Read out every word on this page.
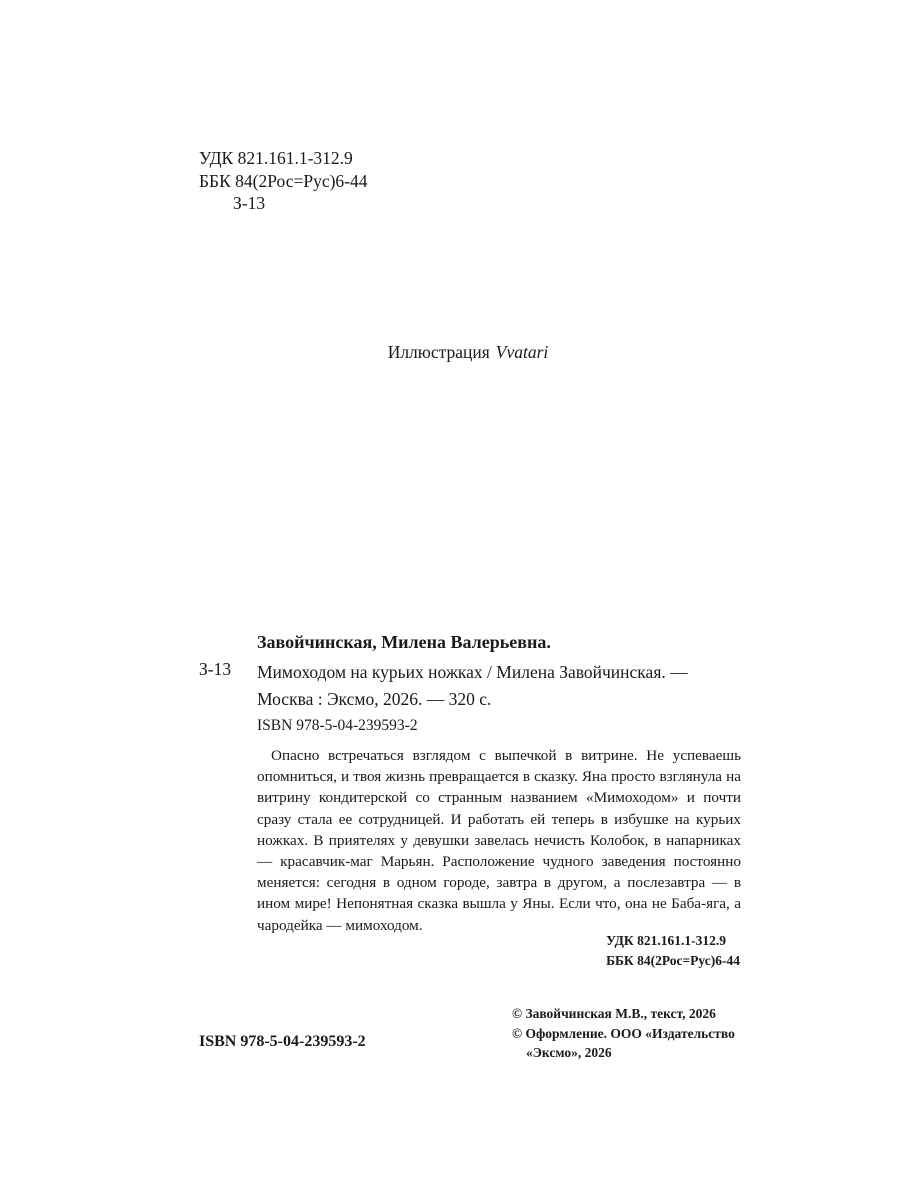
УДК 821.161.1-312.9
ББК 84(2Рос=Рус)6-44
З-13
Иллюстрация Vvatari
Завойчинская, Милена Валерьевна.
З-13 Мимоходом на курьих ножках / Милена Завойчинская. —
Москва : Эксмо, 2026. — 320 с.
ISBN 978-5-04-239593-2
Опасно встречаться взглядом с выпечкой в витрине. Не успеваешь опомниться, и твоя жизнь превращается в сказку. Яна просто взглянула на витрину кондитерской со странным названием «Мимоходом» и почти сразу стала ее сотрудницей. И работать ей теперь в избушке на курьих ножках. В приятелях у девушки завелась нечисть Колобок, в напарниках — красавчик-маг Марьян. Расположение чудного заведения постоянно меняется: сегодня в одном городе, завтра в другом, а послезавтра — в ином мире! Непонятная сказка вышла у Яны. Если что, она не Баба-яга, а чародейка — мимоходом.
УДК 821.161.1-312.9
ББК 84(2Рос=Рус)6-44
ISBN 978-5-04-239593-2
© Завойчинская М.В., текст, 2026
© Оформление. ООО «Издательство
«Эксмо», 2026
